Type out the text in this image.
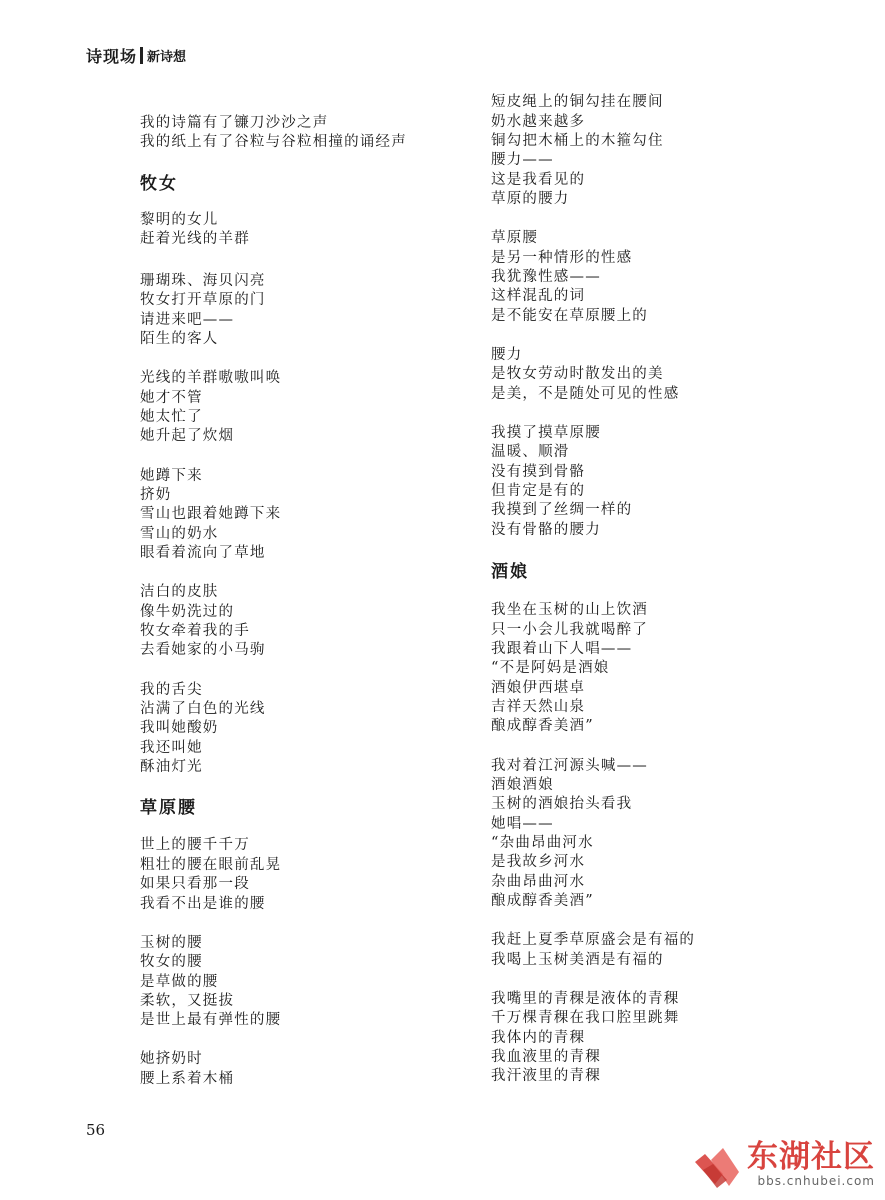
诗现场 新诗想
我的诗篇有了镰刀沙沙之声
我的纸上有了谷粒与谷粒相撞的诵经声
牧女
黎明的女儿
赶着光线的羊群
珊瑚珠、海贝闪亮
牧女打开草原的门
请进来吧——
陌生的客人
光线的羊群嗷嗷叫唤
她才不管
她太忙了
她升起了炊烟
她蹲下来
挤奶
雪山也跟着她蹲下来
雪山的奶水
眼看着流向了草地
洁白的皮肤
像牛奶洗过的
牧女牵着我的手
去看她家的小马驹
我的舌尖
沾满了白色的光线
我叫她酸奶
我还叫她
酥油灯光
草原腰
世上的腰千千万
粗壮的腰在眼前乱晃
如果只看那一段
我看不出是谁的腰
玉树的腰
牧女的腰
是草做的腰
柔软，又挺拔
是世上最有弹性的腰
她挤奶时
腰上系着木桶
短皮绳上的铜勾挂在腰间
奶水越来越多
铜勾把木桶上的木箍勾住
腰力——
这是我看见的
草原的腰力
草原腰
是另一种情形的性感
我犹豫性感——
这样混乱的词
是不能安在草原腰上的
腰力
是牧女劳动时散发出的美
是美，不是随处可见的性感
我摸了摸草原腰
温暖、顺滑
没有摸到骨骼
但肯定是有的
我摸到了丝绸一样的
没有骨骼的腰力
酒娘
我坐在玉树的山上饮酒
只一小会儿我就喝醉了
我跟着山下人唱——
“不是阿妈是酒娘
酒娘伊西堪卓
吉祥天然山泉
酿成醇香美酒”
我对着江河源头喊——
酒娘酒娘
玉树的酒娘抬头看我
她唱——
“杂曲昂曲河水
是我故乡河水
杂曲昂曲河水
酿成醇香美酒”
我赶上夏季草原盛会是有福的
我喝上玉树美酒是有福的
我嘴里的青稞是液体的青稞
千万棵青稞在我口腔里跳舞
我体内的青稞
我血液里的青稞
我汗液里的青稞
56
东湖社区
bbs.cnhubei.com
